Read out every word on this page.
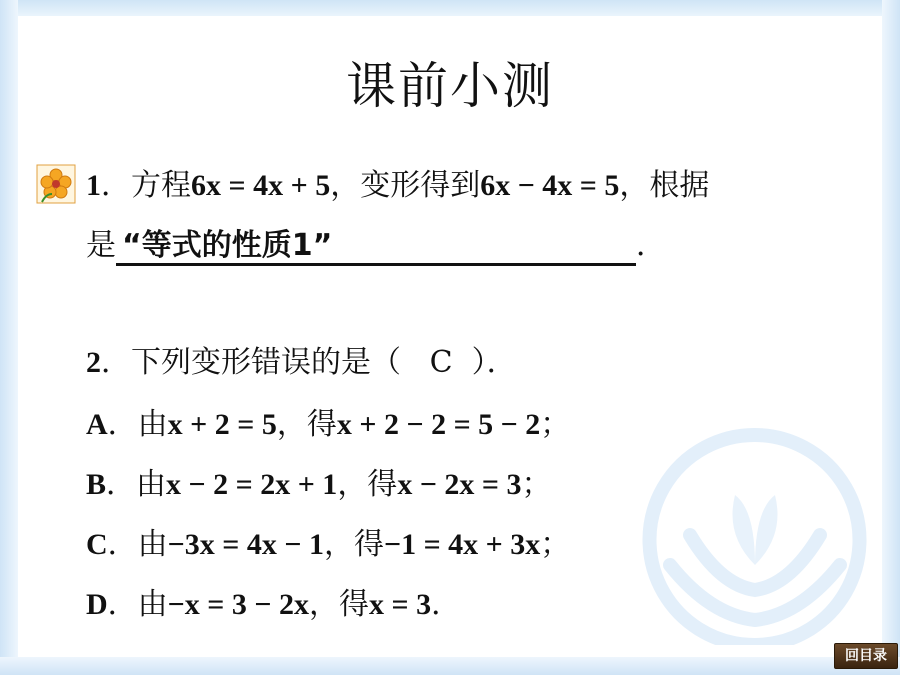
课前小测
1．方程6x = 4x + 5，变形得到6x − 4x = 5，根据
是 “等式的性质1”	．
2．下列变形错误的是（ C ）．
A．由x + 2 = 5，得x + 2 − 2 = 5 − 2；
B．由x − 2 = 2x + 1，得x − 2x = 3；
C．由−3x = 4x − 1，得−1 = 4x + 3x；
D．由−x = 3 − 2x，得x = 3．
回目录
